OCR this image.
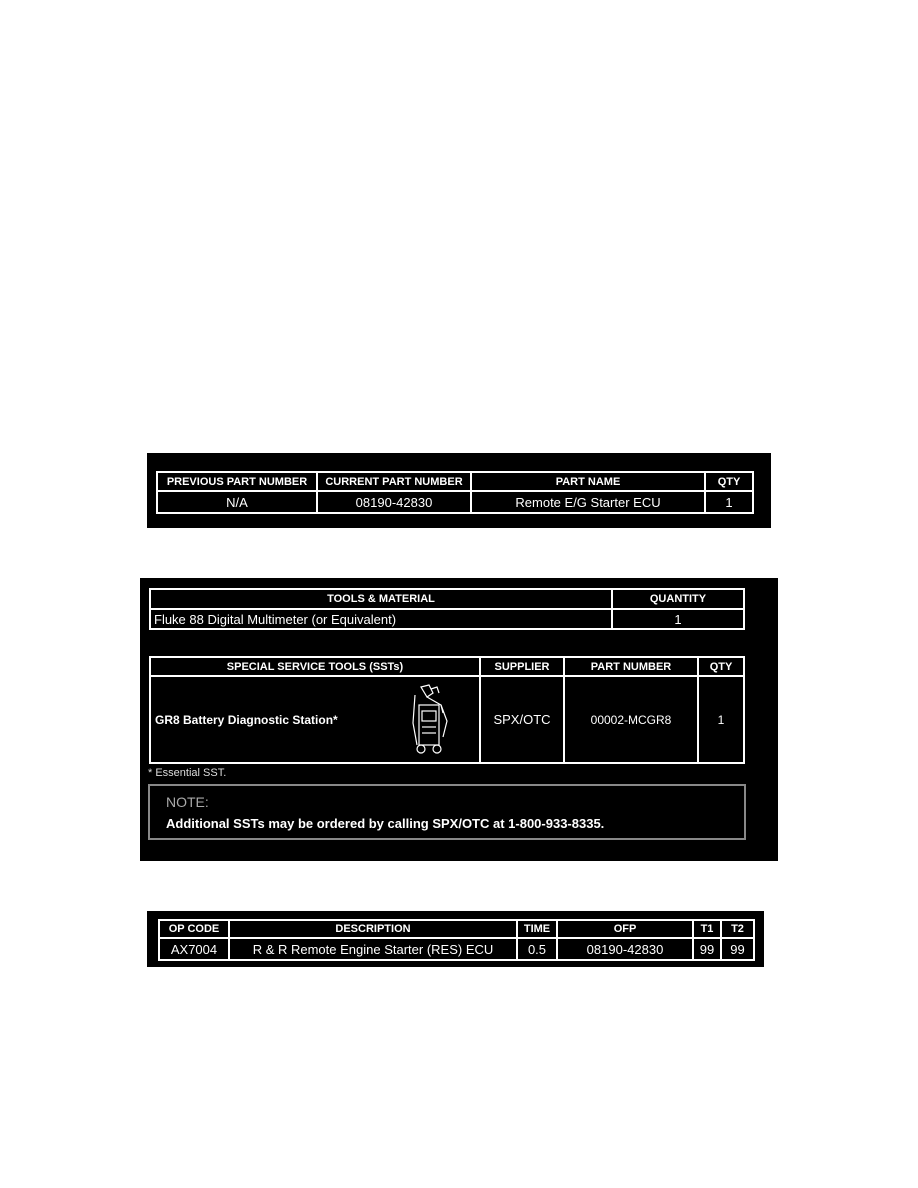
PREVIOUS PART NUMBER	CURRENT PART NUMBER	PART NAME	QTY
N/A	08190-42830	Remote E/G Starter ECU	1
TOOLS & MATERIAL	QUANTITY
Fluke 88 Digital Multimeter (or Equivalent)	1
SPECIAL SERVICE TOOLS (SSTs)	SUPPLIER	PART NUMBER	QTY

GR8 Battery Diagnostic Station*	SPX/OTC	00002-MCGR8	1
* Essential SST.
NOTE:
Additional SSTs may be ordered by calling SPX/OTC at 1-800-933-8335.
OP CODE	DESCRIPTION	TIME	OFP	T1	T2
AX7004	R & R Remote Engine Starter (RES) ECU	0.5	08190-42830	99	99
